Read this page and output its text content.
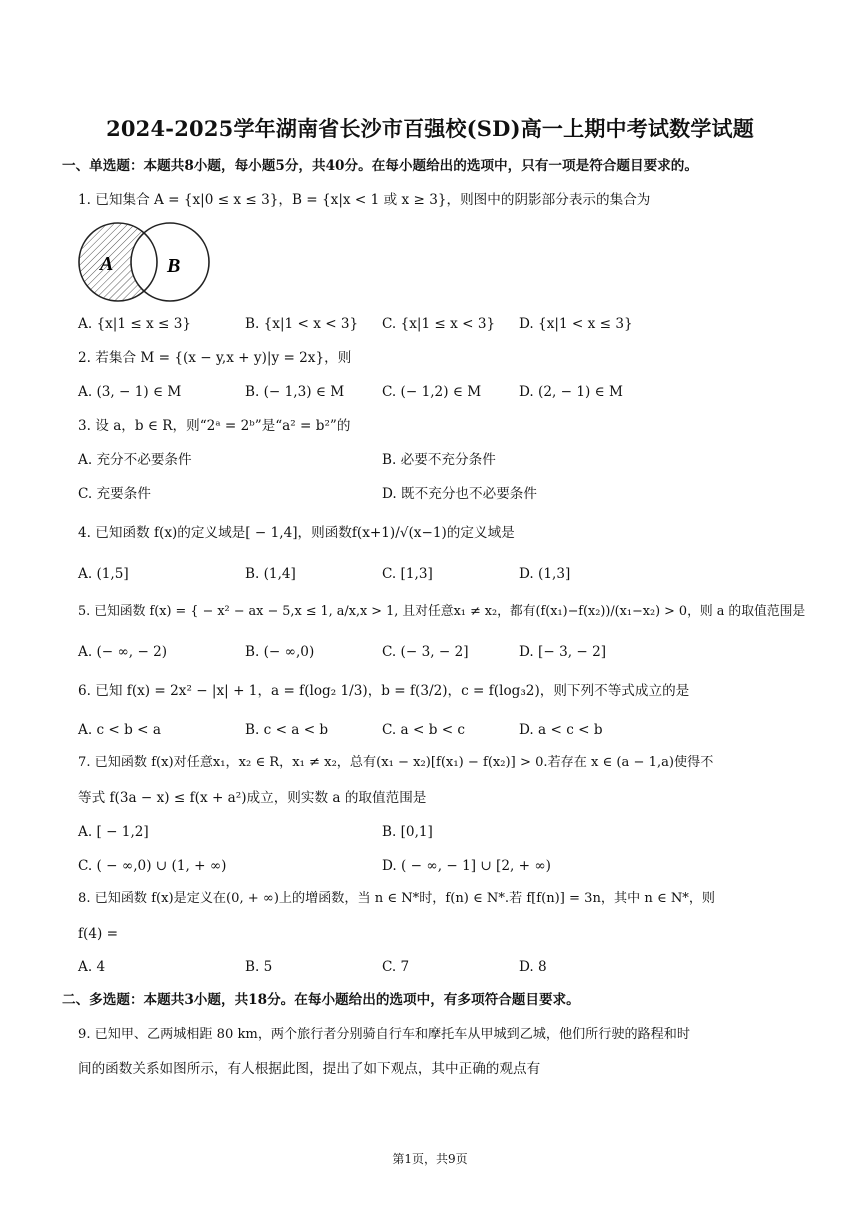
2024-2025学年湖南省长沙市百强校(SD)高一上期中考试数学试题
一、单选题：本题共8小题，每小题5分，共40分。在每小题给出的选项中，只有一项是符合题目要求的。
1. 已知集合 A = {x|0 ≤ x ≤ 3}，B = {x|x < 1 或 x ≥ 3}，则图中的阴影部分表示的集合为
A	B
A. {x|1 ≤ x ≤ 3}	B. {x|1 < x < 3} C. {x|1 ≤ x < 3} D. {x|1 < x ≤ 3}
2. 若集合 M = {(x − y,x + y)|y = 2x}，则
A. (3, − 1) ∈ M	B. (− 1,3) ∈ M	C. (− 1,2) ∈ M	D. (2, − 1) ∈ M
3. 设 a，b ∈ R，则“2ᵃ = 2ᵇ”是“a² = b²”的
A. 充分不必要条件	B. 必要不充分条件
C. 充要条件	D. 既不充分也不必要条件
4. 已知函数 f(x)的定义域是[ − 1,4]，则函数f(x+1)/√(x−1)的定义域是
A. (1,5]	B. (1,4]	C. [1,3]	D. (1,3]
5. 已知函数 f(x) = { − x² − ax − 5,x ≤ 1, a/x,x > 1, 且对任意x₁ ≠ x₂，都有(f(x₁)−f(x₂))/(x₁−x₂) > 0，则 a 的取值范围是
A. (− ∞, − 2)	B. (− ∞,0)	C. (− 3, − 2]	D. [− 3, − 2]
6. 已知 f(x) = 2x² − |x| + 1，a = f(log₂ 1/3)，b = f(3/2)，c = f(log₃2)，则下列不等式成立的是
A. c < b < a	B. c < a < b	C. a < b < c	D. a < c < b
7. 已知函数 f(x)对任意x₁，x₂ ∈ R，x₁ ≠ x₂，总有(x₁ − x₂)[f(x₁) − f(x₂)] > 0.若存在 x ∈ (a − 1,a)使得不
等式 f(3a − x) ≤ f(x + a²)成立，则实数 a 的取值范围是
A. [ − 1,2]	B. [0,1]
C. ( − ∞,0) ∪ (1, + ∞)	D. ( − ∞, − 1] ∪ [2, + ∞)
8. 已知函数 f(x)是定义在(0, + ∞)上的增函数，当 n ∈ N*时，f(n) ∈ N*.若 f[f(n)] = 3n，其中 n ∈ N*，则
f(4) =
A. 4	B. 5	C. 7	D. 8
二、多选题：本题共3小题，共18分。在每小题给出的选项中，有多项符合题目要求。
9. 已知甲、乙两城相距 80 km，两个旅行者分别骑自行车和摩托车从甲城到乙城，他们所行驶的路程和时
间的函数关系如图所示，有人根据此图，提出了如下观点，其中正确的观点有
第1页，共9页
